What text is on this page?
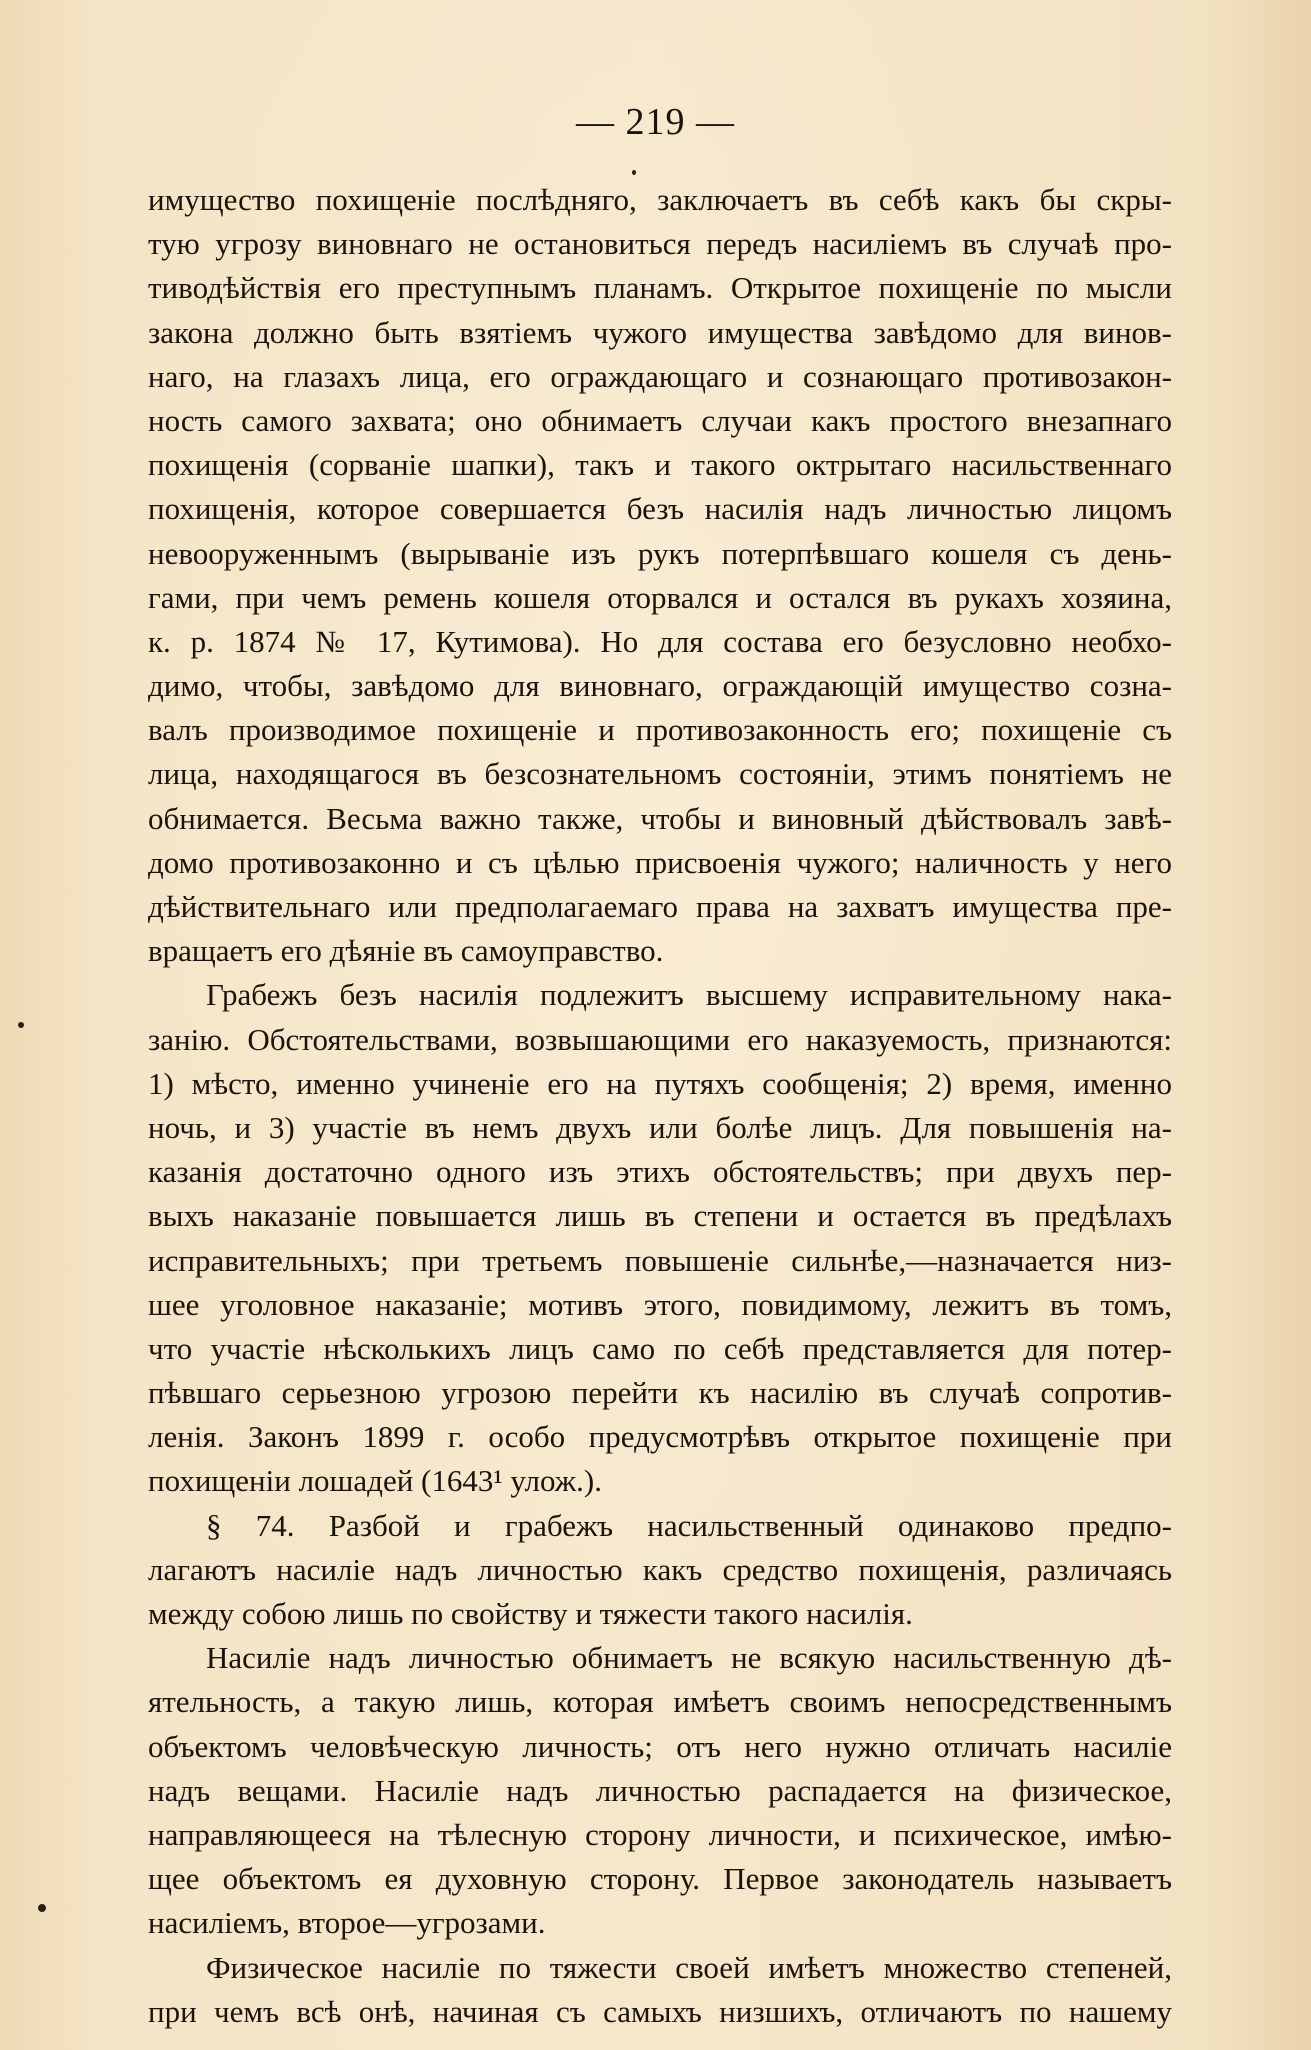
— 219 —
имущество похищеніе послѣдняго, заключаетъ въ себѣ какъ бы скры-
тую угрозу виновнаго не остановиться передъ насиліемъ въ случаѣ про-
тиводѣйствія его преступнымъ планамъ. Открытое похищеніе по мысли
закона должно быть взятіемъ чужого имущества завѣдомо для винов-
наго, на глазахъ лица, его ограждающаго и сознающаго противозакон-
ность самого захвата; оно обнимаетъ случаи какъ простого внезапнаго
похищенія (сорваніе шапки), такъ и такого октрытаго насильственнаго
похищенія, которое совершается безъ насилія надъ личностью лицомъ
невооруженнымъ (вырываніе изъ рукъ потерпѣвшаго кошеля съ день-
гами, при чемъ ремень кошеля оторвался и остался въ рукахъ хозяина,
к. р. 1874 № 17, Кутимова). Но для состава его безусловно необхо-
димо, чтобы, завѣдомо для виновнаго, ограждающій имущество созна-
валъ производимое похищеніе и противозаконность его; похищеніе съ
лица, находящагося въ безсознательномъ состояніи, этимъ понятіемъ не
обнимается. Весьма важно также, чтобы и виновный дѣйствовалъ завѣ-
домо противозаконно и съ цѣлью присвоенія чужого; наличность у него
дѣйствительнаго или предполагаемаго права на захватъ имущества пре-
вращаетъ его дѣяніе въ самоуправство.
Грабежъ безъ насилія подлежитъ высшему исправительному нака-
занію. Обстоятельствами, возвышающими его наказуемость, признаются:
1) мѣсто, именно учиненіе его на путяхъ сообщенія; 2) время, именно
ночь, и 3) участіе въ немъ двухъ или болѣе лицъ. Для повышенія на-
казанія достаточно одного изъ этихъ обстоятельствъ; при двухъ пер-
выхъ наказаніе повышается лишь въ степени и остается въ предѣлахъ
исправительныхъ; при третьемъ повышеніе сильнѣе,—назначается низ-
шее уголовное наказаніе; мотивъ этого, повидимому, лежитъ въ томъ,
что участіе нѣсколькихъ лицъ само по себѣ представляется для потер-
пѣвшаго серьезною угрозою перейти къ насилію въ случаѣ сопротив-
ленія. Законъ 1899 г. особо предусмотрѣвъ открытое похищеніе при
похищеніи лошадей (1643¹ улож.).
§ 74. Разбой и грабежъ насильственный одинаково предпо-
лагаютъ насиліе надъ личностью какъ средство похищенія, различаясь
между собою лишь по свойству и тяжести такого насилія.
Насиліе надъ личностью обнимаетъ не всякую насильственную дѣ-
ятельность, а такую лишь, которая имѣетъ своимъ непосредственнымъ
объектомъ человѣческую личность; отъ него нужно отличать насиліе
надъ вещами. Насиліе надъ личностью распадается на физическое,
направляющееся на тѣлесную сторону личности, и психическое, имѣю-
щее объектомъ ея духовную сторону. Первое законодатель называетъ
насиліемъ, второе—угрозами.
Физическое насиліе по тяжести своей имѣетъ множество степеней,
при чемъ всѣ онѣ, начиная съ самыхъ низшихъ, отличаютъ по нашему
